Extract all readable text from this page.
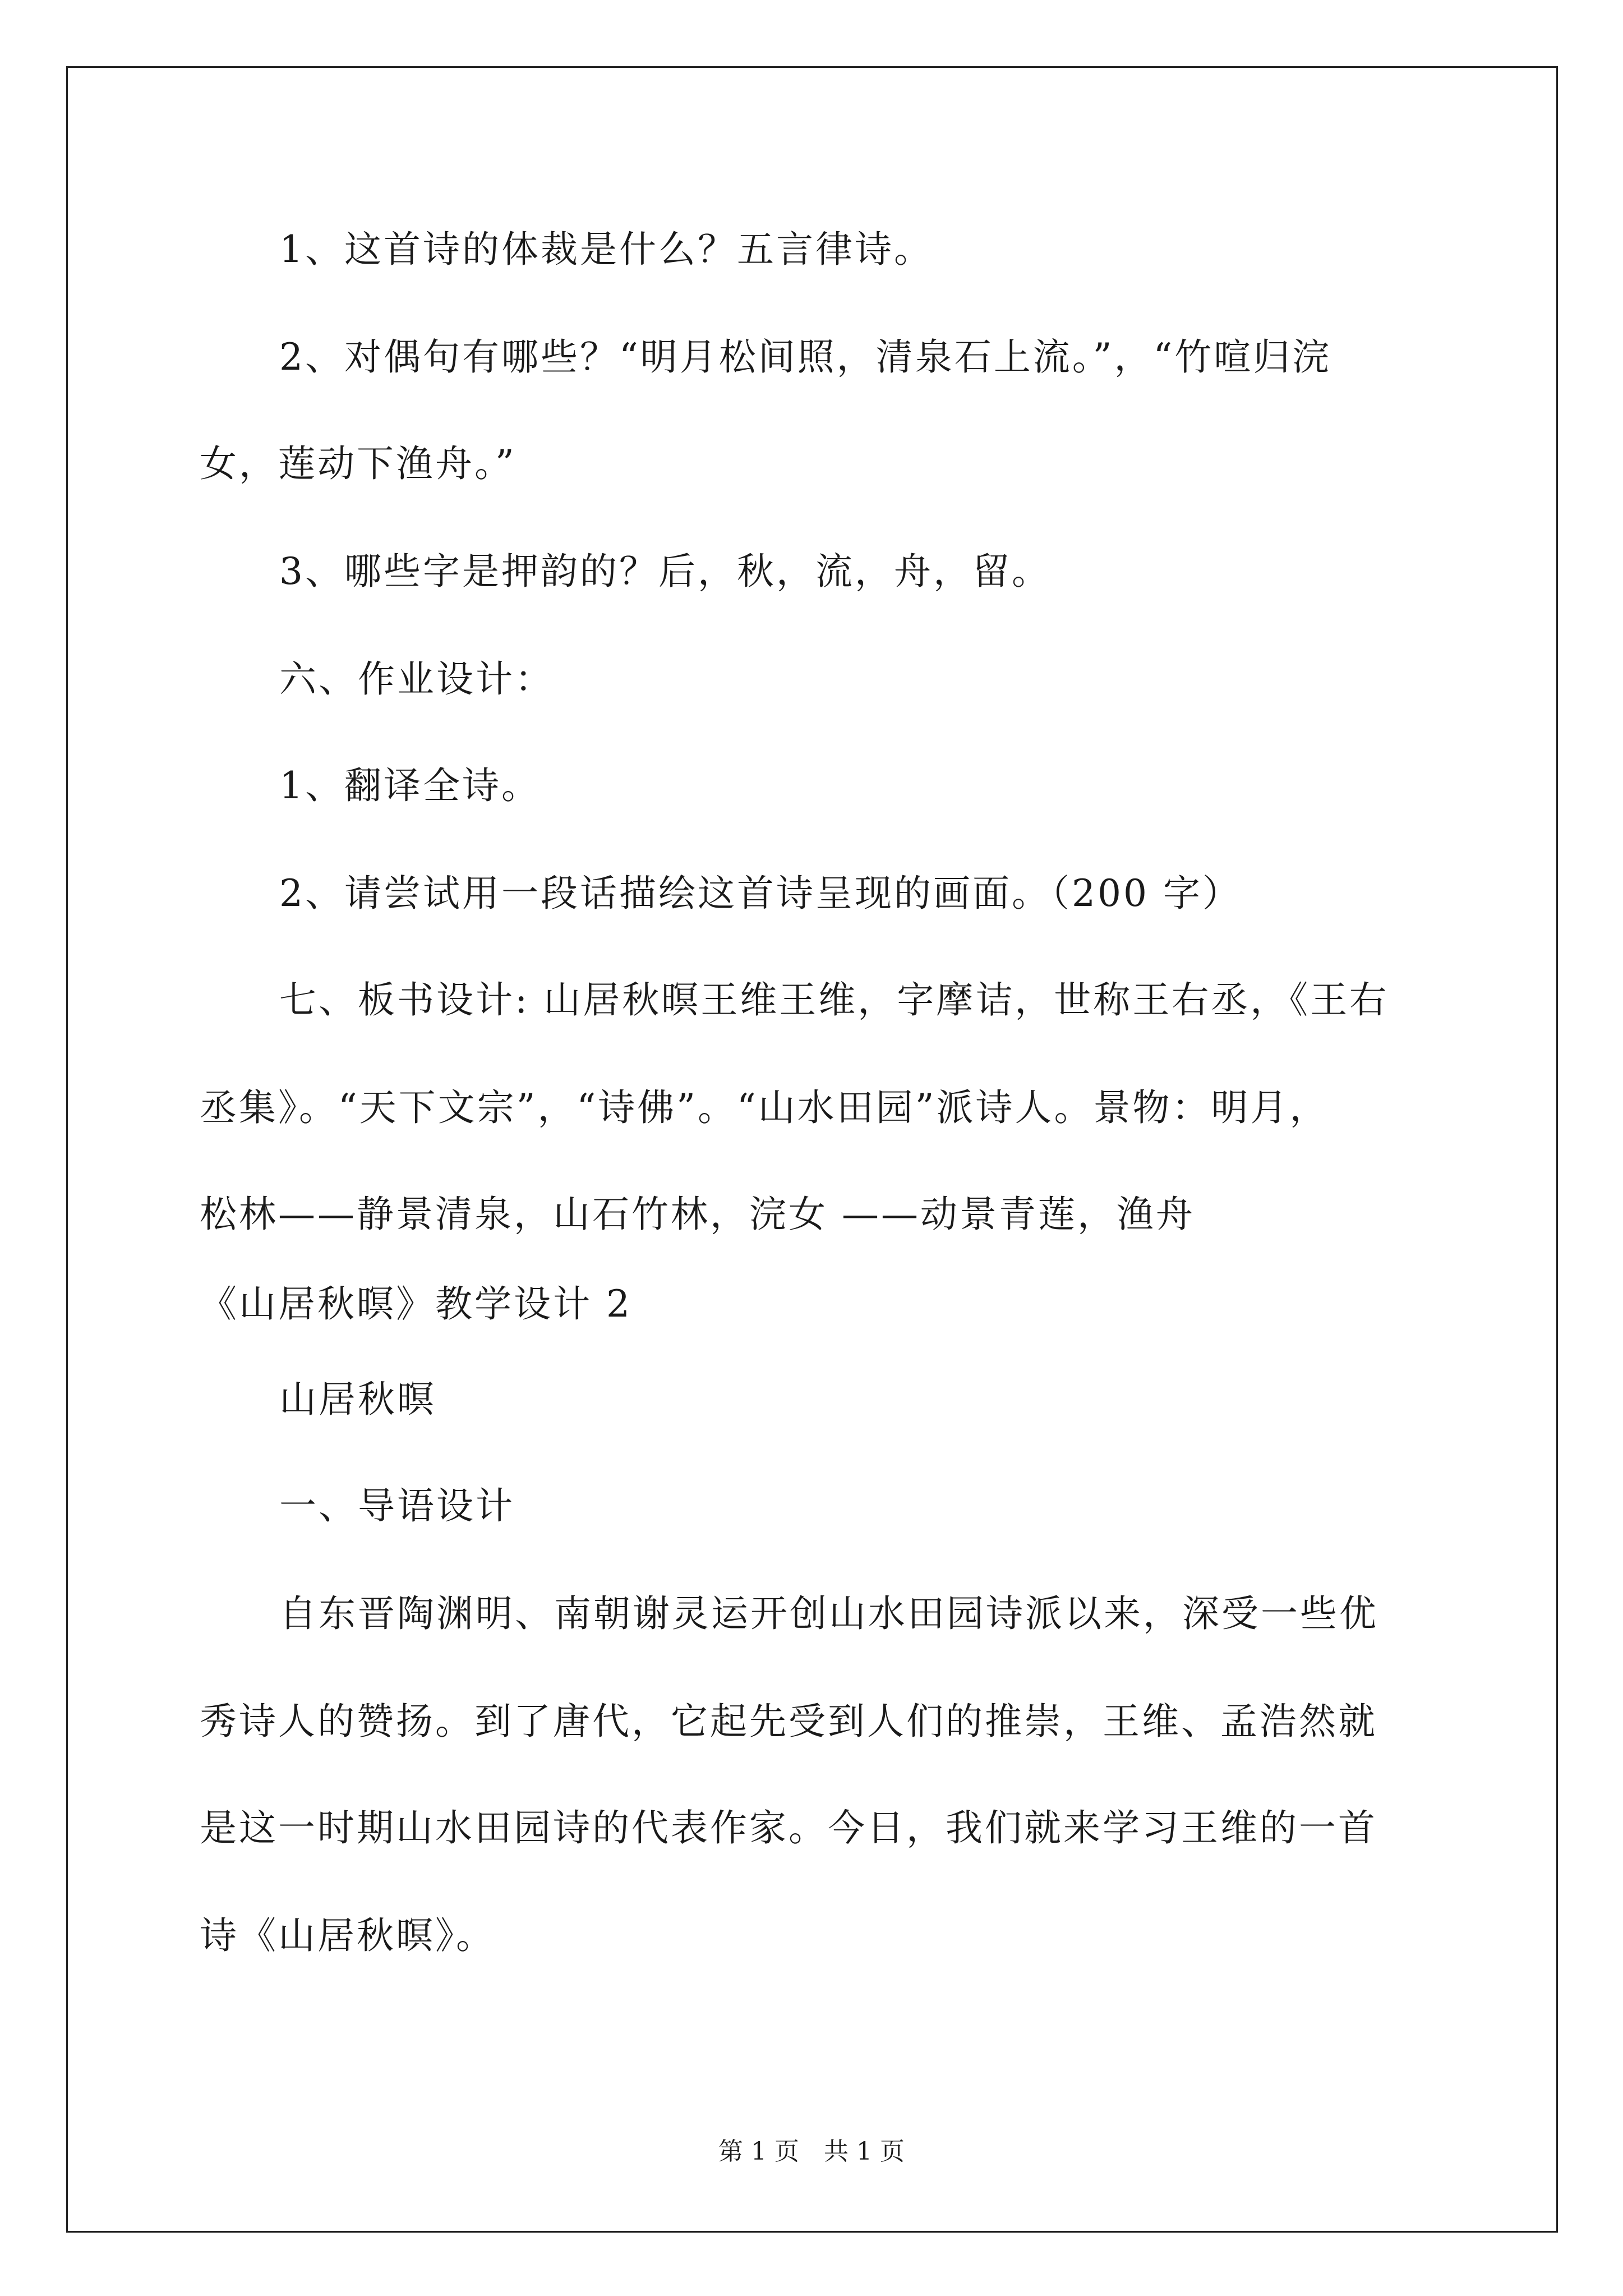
1、这首诗的体裁是什么？五言律诗。
2、对偶句有哪些？“明月松间照，清泉石上流。”，“竹喧归浣
女，莲动下渔舟。”
3、哪些字是押韵的？后，秋，流，舟，留。
六、作业设计：
1、翻译全诗。
2、请尝试用一段话描绘这首诗呈现的画面。（200 字）
七、板书设计: 山居秋暝王维王维，字摩诘，世称王右丞，《王右
丞集》。“天下文宗”，“诗佛”。“山水田园”派诗人。景物：明月，
松林——静景清泉，山石竹林，浣女 ——动景青莲，渔舟
《山居秋暝》教学设计 2
山居秋暝
一、导语设计
自东晋陶渊明、南朝谢灵运开创山水田园诗派以来，深受一些优
秀诗人的赞扬。到了唐代，它起先受到人们的推崇，王维、孟浩然就
是这一时期山水田园诗的代表作家。今日，我们就来学习王维的一首
诗《山居秋暝》。
第 1 页　共 1 页
